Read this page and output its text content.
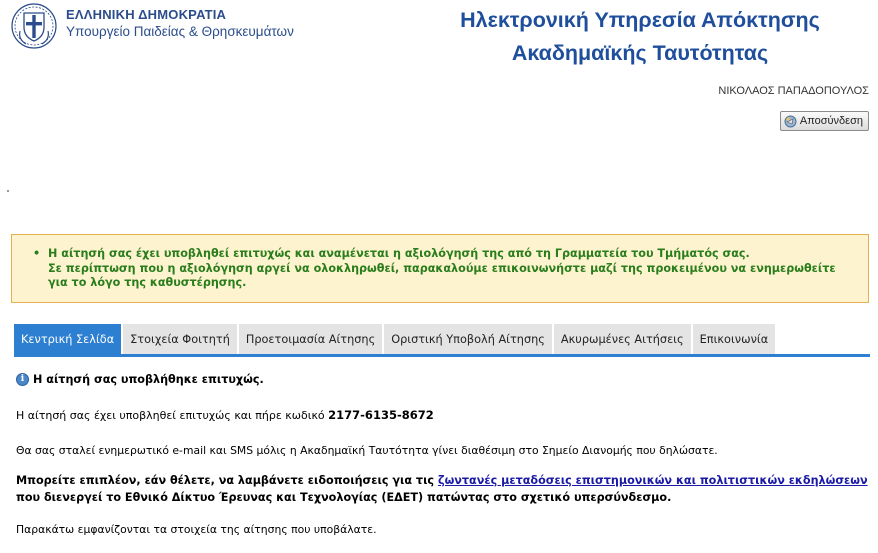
ΕΛΛΗΝΙΚΗ ΔΗΜΟΚΡΑΤΙΑ
Υπουργείο Παιδείας & Θρησκευμάτων	Ηλεκτρονική Υπηρεσία Απόκτησης
Ακαδημαϊκής Ταυτότητας
ΝΙΚΟΛΑΟΣ ΠΑΠΑΔΟΠΟΥΛΟΣ
Αποσύνδεση
• Η αίτησή σας έχει υποβληθεί επιτυχώς και αναμένεται η αξιολόγησή της από τη Γραμματεία του Τμήματός σας.
Σε περίπτωση που η αξιολόγηση αργεί να ολοκληρωθεί, παρακαλούμε επικοινωνήστε μαζί της προκειμένου να ενημερωθείτε για το λόγο της καθυστέρησης.
Κεντρική Σελίδα	Στοιχεία Φοιτητή	Προετοιμασία Αίτησης	Οριστική Υποβολή Αίτησης	Ακυρωμένες Αιτήσεις	Επικοινωνία
i Η αίτησή σας υποβλήθηκε επιτυχώς.

Η αίτησή σας έχει υποβληθεί επιτυχώς και πήρε κωδικό 2177-6135-8672

Θα σας σταλεί ενημερωτικό e-mail και SMS μόλις η Ακαδημαϊκή Ταυτότητα γίνει διαθέσιμη στο Σημείο Διανομής που δηλώσατε.

Μπορείτε επιπλέον, εάν θέλετε, να λαμβάνετε ειδοποιήσεις για τις ζωντανές μεταδόσεις επιστημονικών και πολιτιστικών εκδηλώσεων που διενεργεί το Εθνικό Δίκτυο Έρευνας και Τεχνολογίας (ΕΔΕΤ) πατώντας στο σχετικό υπερσύνδεσμο.

Παρακάτω εμφανίζονται τα στοιχεία της αίτησης που υποβάλατε.
